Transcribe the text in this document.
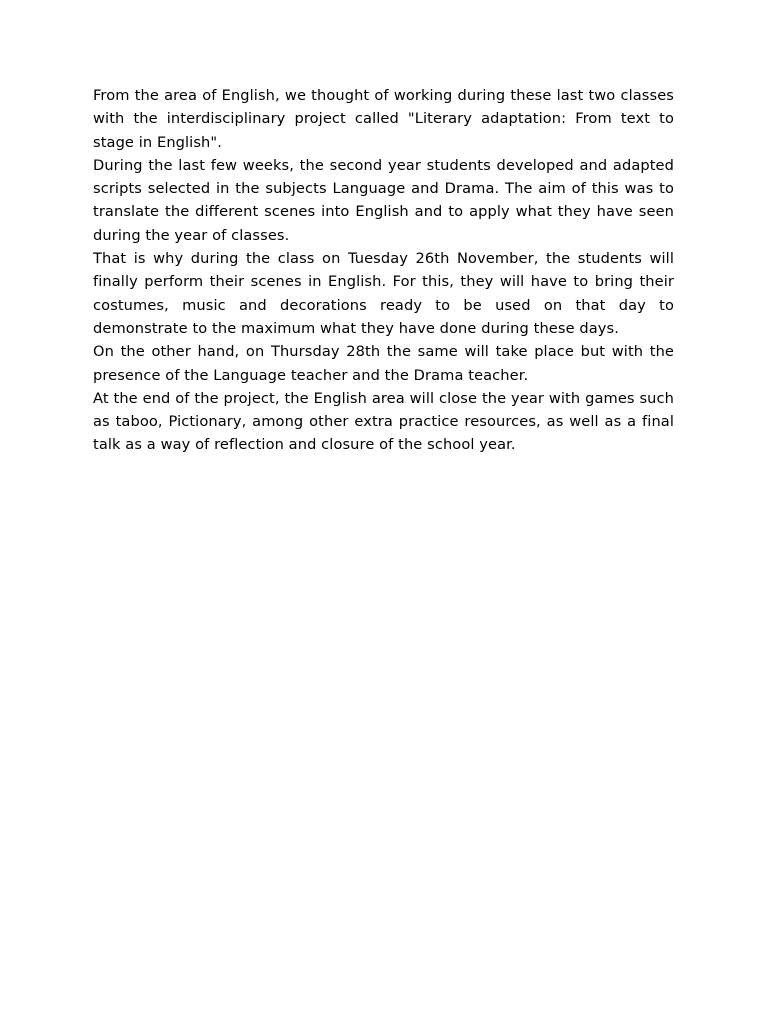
From the area of English, we thought of working during these last two classes with the interdisciplinary project called "Literary adaptation: From text to stage in English".

During the last few weeks, the second year students developed and adapted scripts selected in the subjects Language and Drama. The aim of this was to translate the different scenes into English and to apply what they have seen during the year of classes.

That is why during the class on Tuesday 26th November, the students will finally perform their scenes in English. For this, they will have to bring their costumes, music and decorations ready to be used on that day to demonstrate to the maximum what they have done during these days.

On the other hand, on Thursday 28th the same will take place but with the presence of the Language teacher and the Drama teacher.

At the end of the project, the English area will close the year with games such as taboo, Pictionary, among other extra practice resources, as well as a final talk as a way of reflection and closure of the school year.
